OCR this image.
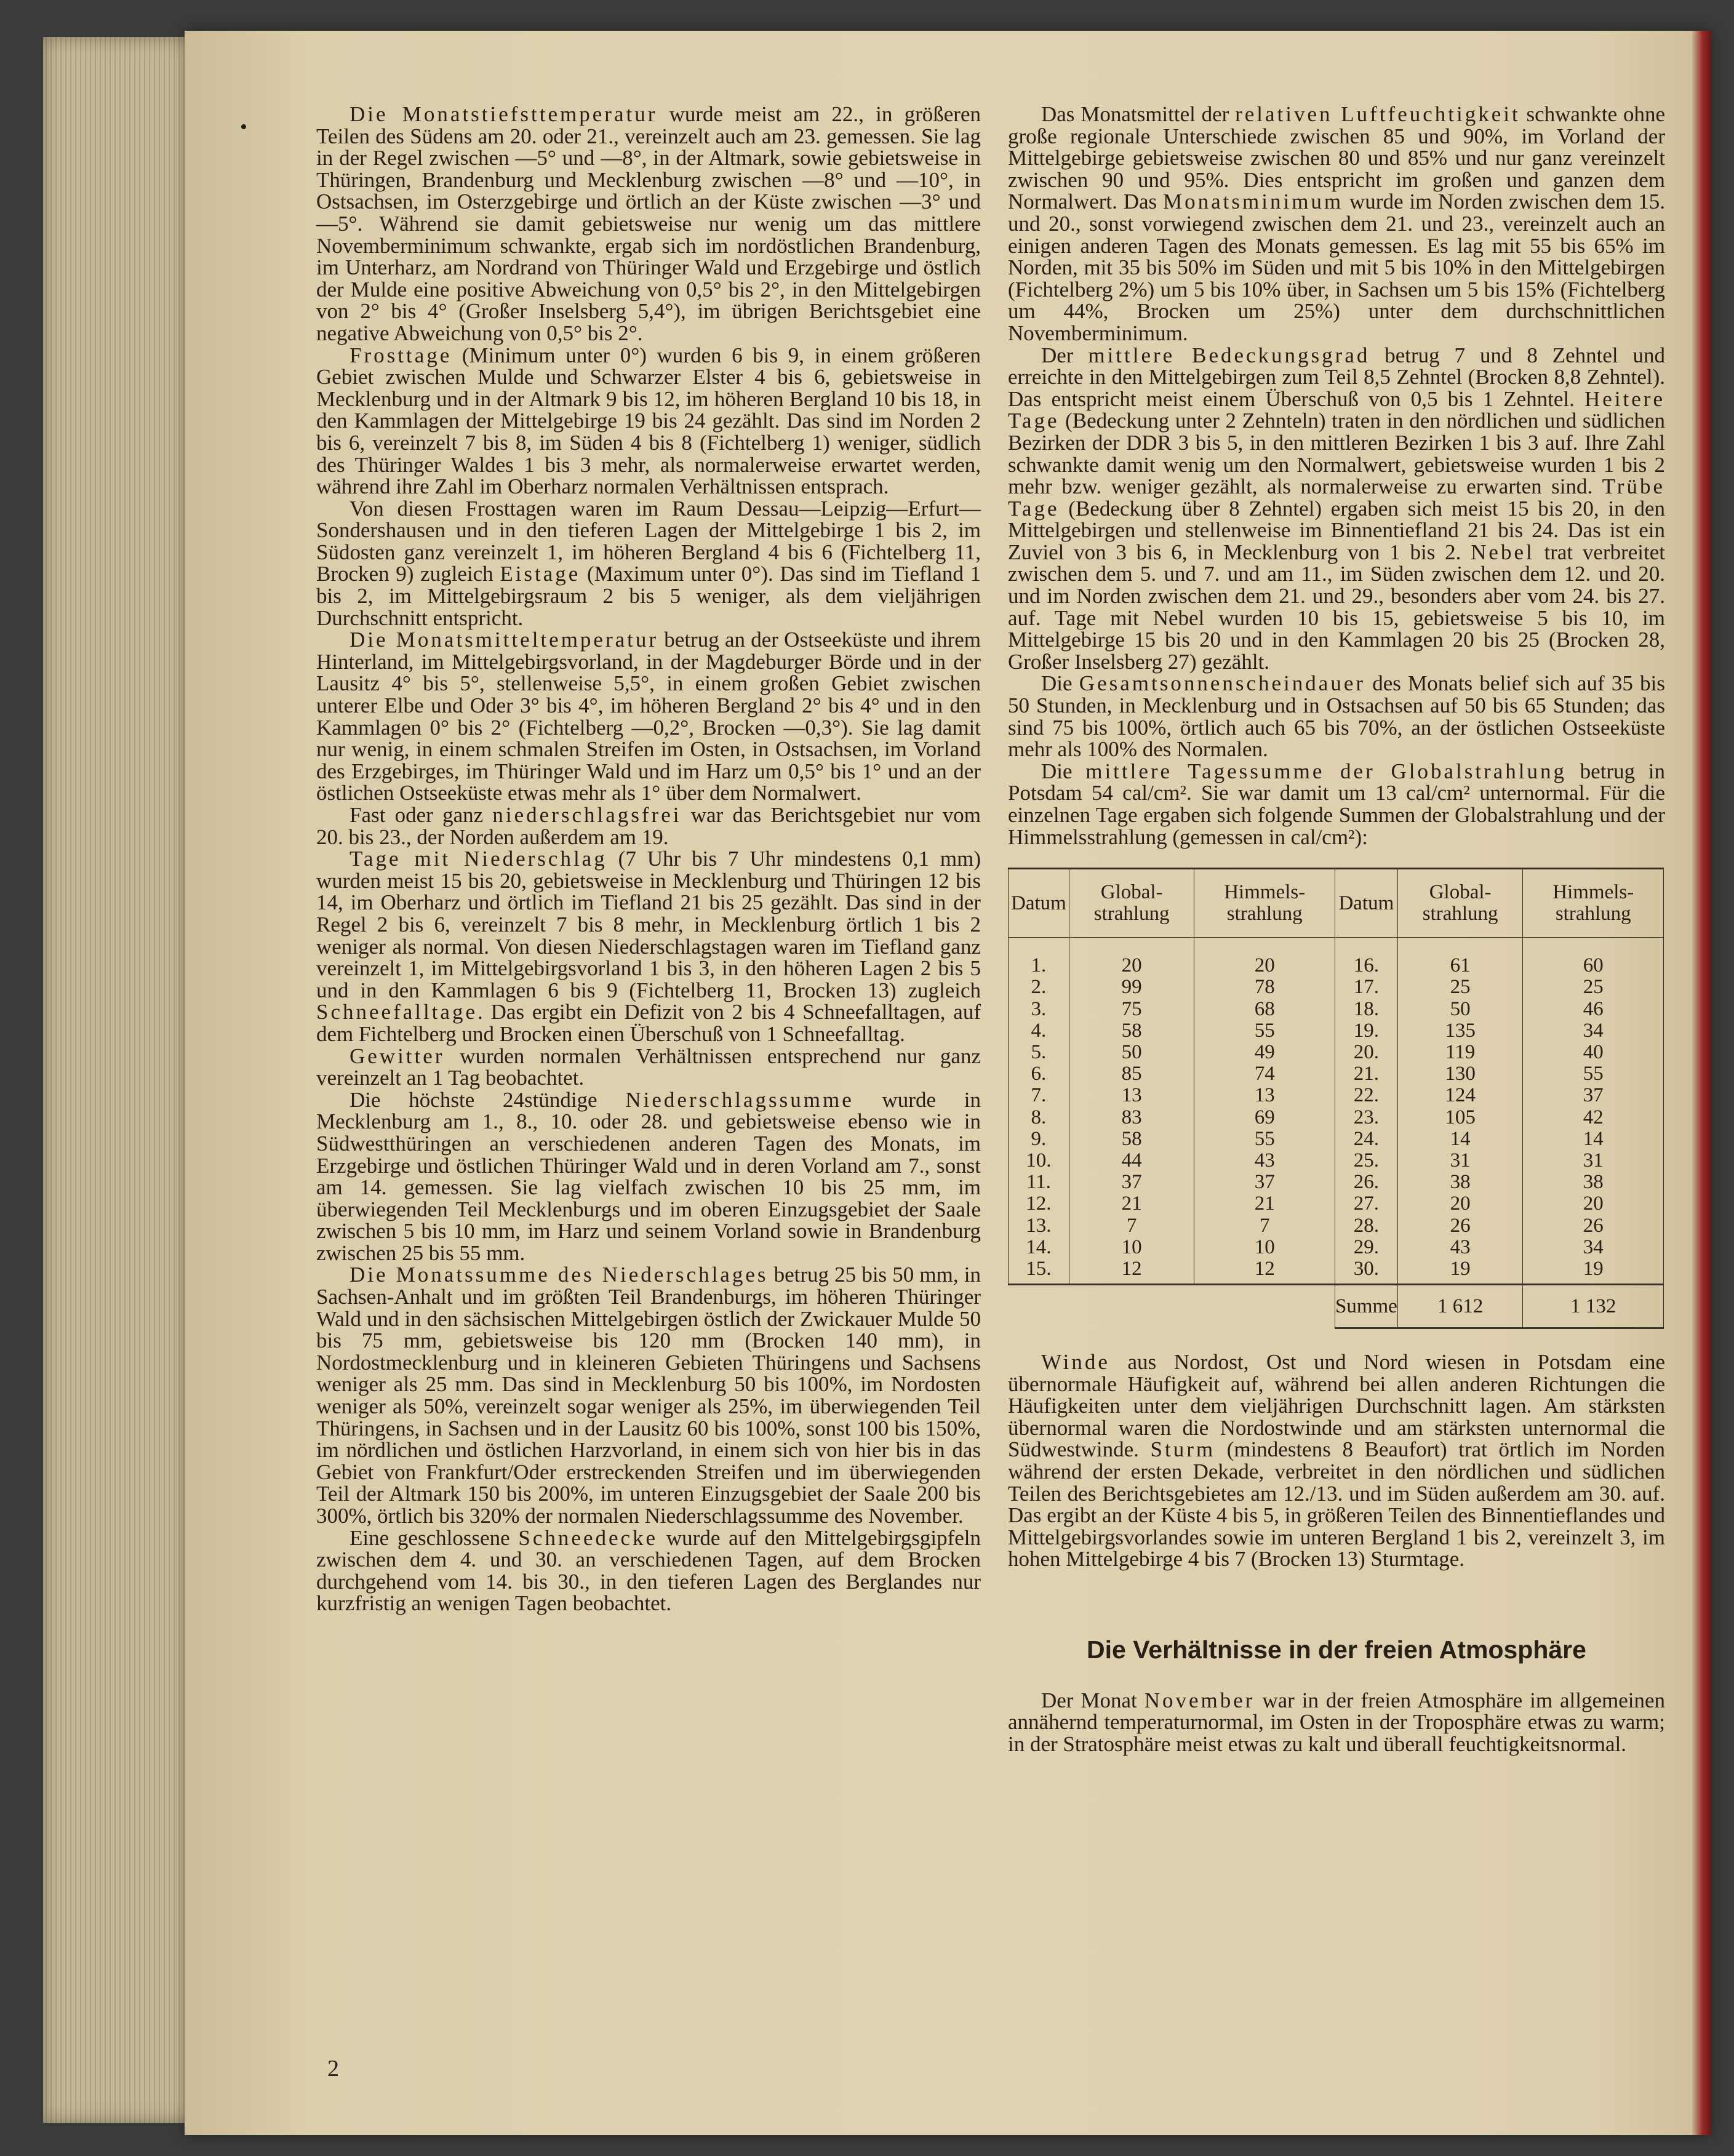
•

Die Monatstiefsttemperatur wurde meist am 22., in größeren Teilen des Südens am 20. oder 21., vereinzelt auch am 23. gemessen. Sie lag in der Regel zwischen —5° und —8°, in der Altmark, sowie gebietsweise in Thüringen, Brandenburg und Mecklenburg zwischen —8° und —10°, in Ostsachsen, im Osterzgebirge und örtlich an der Küste zwischen —3° und —5°. Während sie damit gebietsweise nur wenig um das mittlere Novemberminimum schwankte, ergab sich im nordöstlichen Brandenburg, im Unterharz, am Nordrand von Thüringer Wald und Erzgebirge und östlich der Mulde eine positive Abweichung von 0,5° bis 2°, in den Mittelgebirgen von 2° bis 4° (Großer Inselsberg 5,4°), im übrigen Berichtsgebiet eine negative Abweichung von 0,5° bis 2°.

Frosttage (Minimum unter 0°) wurden 6 bis 9, in einem größeren Gebiet zwischen Mulde und Schwarzer Elster 4 bis 6, gebietsweise in Mecklenburg und in der Altmark 9 bis 12, im höheren Bergland 10 bis 18, in den Kammlagen der Mittelgebirge 19 bis 24 gezählt. Das sind im Norden 2 bis 6, vereinzelt 7 bis 8, im Süden 4 bis 8 (Fichtelberg 1) weniger, südlich des Thüringer Waldes 1 bis 3 mehr, als normalerweise erwartet werden, während ihre Zahl im Oberharz normalen Verhältnissen entsprach.

Von diesen Frosttagen waren im Raum Dessau—Leipzig—Erfurt—Sondershausen und in den tieferen Lagen der Mittelgebirge 1 bis 2, im Südosten ganz vereinzelt 1, im höheren Bergland 4 bis 6 (Fichtelberg 11, Brocken 9) zugleich Eistage (Maximum unter 0°). Das sind im Tiefland 1 bis 2, im Mittelgebirgsraum 2 bis 5 weniger, als dem vieljährigen Durchschnitt entspricht.

Die Monatsmitteltemperatur betrug an der Ostseeküste und ihrem Hinterland, im Mittelgebirgsvorland, in der Magdeburger Börde und in der Lausitz 4° bis 5°, stellenweise 5,5°, in einem großen Gebiet zwischen unterer Elbe und Oder 3° bis 4°, im höheren Bergland 2° bis 4° und in den Kammlagen 0° bis 2° (Fichtelberg —0,2°, Brocken —0,3°). Sie lag damit nur wenig, in einem schmalen Streifen im Osten, in Ostsachsen, im Vorland des Erzgebirges, im Thüringer Wald und im Harz um 0,5° bis 1° und an der östlichen Ostseeküste etwas mehr als 1° über dem Normalwert.

Fast oder ganz niederschlagsfrei war das Berichtsgebiet nur vom 20. bis 23., der Norden außerdem am 19.

Tage mit Niederschlag (7 Uhr bis 7 Uhr mindestens 0,1 mm) wurden meist 15 bis 20, gebietsweise in Mecklenburg und Thüringen 12 bis 14, im Oberharz und örtlich im Tiefland 21 bis 25 gezählt. Das sind in der Regel 2 bis 6, vereinzelt 7 bis 8 mehr, in Mecklenburg örtlich 1 bis 2 weniger als normal. Von diesen Niederschlagstagen waren im Tiefland ganz vereinzelt 1, im Mittelgebirgsvorland 1 bis 3, in den höheren Lagen 2 bis 5 und in den Kammlagen 6 bis 9 (Fichtelberg 11, Brocken 13) zugleich Schneefalltage. Das ergibt ein Defizit von 2 bis 4 Schneefalltagen, auf dem Fichtelberg und Brocken einen Überschuß von 1 Schneefalltag.

Gewitter wurden normalen Verhältnissen entsprechend nur ganz vereinzelt an 1 Tag beobachtet.

Die höchste 24stündige Niederschlagssumme wurde in Mecklenburg am 1., 8., 10. oder 28. und gebietsweise ebenso wie in Südwestthüringen an verschiedenen anderen Tagen des Monats, im Erzgebirge und östlichen Thüringer Wald und in deren Vorland am 7., sonst am 14. gemessen. Sie lag vielfach zwischen 10 bis 25 mm, im überwiegenden Teil Mecklenburgs und im oberen Einzugsgebiet der Saale zwischen 5 bis 10 mm, im Harz und seinem Vorland sowie in Brandenburg zwischen 25 bis 55 mm.

Die Monatssumme des Niederschlages betrug 25 bis 50 mm, in Sachsen-Anhalt und im größten Teil Brandenburgs, im höheren Thüringer Wald und in den sächsischen Mittelgebirgen östlich der Zwickauer Mulde 50 bis 75 mm, gebietsweise bis 120 mm (Brocken 140 mm), in Nordostmecklenburg und in kleineren Gebieten Thüringens und Sachsens weniger als 25 mm. Das sind in Mecklenburg 50 bis 100%, im Nordosten weniger als 50%, vereinzelt sogar weniger als 25%, im überwiegenden Teil Thüringens, in Sachsen und in der Lausitz 60 bis 100%, sonst 100 bis 150%, im nördlichen und östlichen Harzvorland, in einem sich von hier bis in das Gebiet von Frankfurt/Oder erstreckenden Streifen und im überwiegenden Teil der Altmark 150 bis 200%, im unteren Einzugsgebiet der Saale 200 bis 300%, örtlich bis 320% der normalen Niederschlagssumme des November.

Eine geschlossene Schneedecke wurde auf den Mittelgebirgsgipfeln zwischen dem 4. und 30. an verschiedenen Tagen, auf dem Brocken durchgehend vom 14. bis 30., in den tieferen Lagen des Berglandes nur kurzfristig an wenigen Tagen beobachtet.

Das Monatsmittel der relativen Luftfeuchtigkeit schwankte ohne große regionale Unterschiede zwischen 85 und 90%, im Vorland der Mittelgebirge gebietsweise zwischen 80 und 85% und nur ganz vereinzelt zwischen 90 und 95%. Dies entspricht im großen und ganzen dem Normalwert. Das Monatsminimum wurde im Norden zwischen dem 15. und 20., sonst vorwiegend zwischen dem 21. und 23., vereinzelt auch an einigen anderen Tagen des Monats gemessen. Es lag mit 55 bis 65% im Norden, mit 35 bis 50% im Süden und mit 5 bis 10% in den Mittelgebirgen (Fichtelberg 2%) um 5 bis 10% über, in Sachsen um 5 bis 15% (Fichtelberg um 44%, Brocken um 25%) unter dem durchschnittlichen Novemberminimum.

Der mittlere Bedeckungsgrad betrug 7 und 8 Zehntel und erreichte in den Mittelgebirgen zum Teil 8,5 Zehntel (Brocken 8,8 Zehntel). Das entspricht meist einem Überschuß von 0,5 bis 1 Zehntel. Heitere Tage (Bedeckung unter 2 Zehnteln) traten in den nördlichen und südlichen Bezirken der DDR 3 bis 5, in den mittleren Bezirken 1 bis 3 auf. Ihre Zahl schwankte damit wenig um den Normalwert, gebietsweise wurden 1 bis 2 mehr bzw. weniger gezählt, als normalerweise zu erwarten sind. Trübe Tage (Bedeckung über 8 Zehntel) ergaben sich meist 15 bis 20, in den Mittelgebirgen und stellenweise im Binnentiefland 21 bis 24. Das ist ein Zuviel von 3 bis 6, in Mecklenburg von 1 bis 2. Nebel trat verbreitet zwischen dem 5. und 7. und am 11., im Süden zwischen dem 12. und 20. und im Norden zwischen dem 21. und 29., besonders aber vom 24. bis 27. auf. Tage mit Nebel wurden 10 bis 15, gebietsweise 5 bis 10, im Mittelgebirge 15 bis 20 und in den Kammlagen 20 bis 25 (Brocken 28, Großer Inselsberg 27) gezählt.

Die Gesamtsonnenscheindauer des Monats belief sich auf 35 bis 50 Stunden, in Mecklenburg und in Ostsachsen auf 50 bis 65 Stunden; das sind 75 bis 100%, örtlich auch 65 bis 70%, an der östlichen Ostseeküste mehr als 100% des Normalen.

Die mittlere Tagessumme der Globalstrahlung betrug in Potsdam 54 cal/cm². Sie war damit um 13 cal/cm² unternormal. Für die einzelnen Tage ergaben sich folgende Summen der Globalstrahlung und der Himmelsstrahlung (gemessen in cal/cm²):

Datum	Global-strahlung	Himmels-strahlung	Datum	Global-strahlung	Himmels-strahlung
1.	20	20	16.	61	60
2.	99	78	17.	25	25
3.	75	68	18.	50	46
4.	58	55	19.	135	34
5.	50	49	20.	119	40
6.	85	74	21.	130	55
7.	13	13	22.	124	37
8.	83	69	23.	105	42
9.	58	55	24.	14	14
10.	44	43	25.	31	31
11.	37	37	26.	38	38
12.	21	21	27.	20	20
13.	7	7	28.	26	26
14.	10	10	29.	43	34
15.	12	12	30.	19	19
			Summe	1 612	1 132

Winde aus Nordost, Ost und Nord wiesen in Potsdam eine übernormale Häufigkeit auf, während bei allen anderen Richtungen die Häufigkeiten unter dem vieljährigen Durchschnitt lagen. Am stärksten übernormal waren die Nordostwinde und am stärksten unternormal die Südwestwinde. Sturm (mindestens 8 Beaufort) trat örtlich im Norden während der ersten Dekade, verbreitet in den nördlichen und südlichen Teilen des Berichtsgebietes am 12./13. und im Süden außerdem am 30. auf. Das ergibt an der Küste 4 bis 5, in größeren Teilen des Binnentieflandes und Mittelgebirgsvorlandes sowie im unteren Bergland 1 bis 2, vereinzelt 3, im hohen Mittelgebirge 4 bis 7 (Brocken 13) Sturmtage.

Die Verhältnisse in der freien Atmosphäre

Der Monat November war in der freien Atmosphäre im allgemeinen annähernd temperaturnormal, im Osten in der Troposphäre etwas zu warm; in der Stratosphäre meist etwas zu kalt und überall feuchtigkeitsnormal.

2
